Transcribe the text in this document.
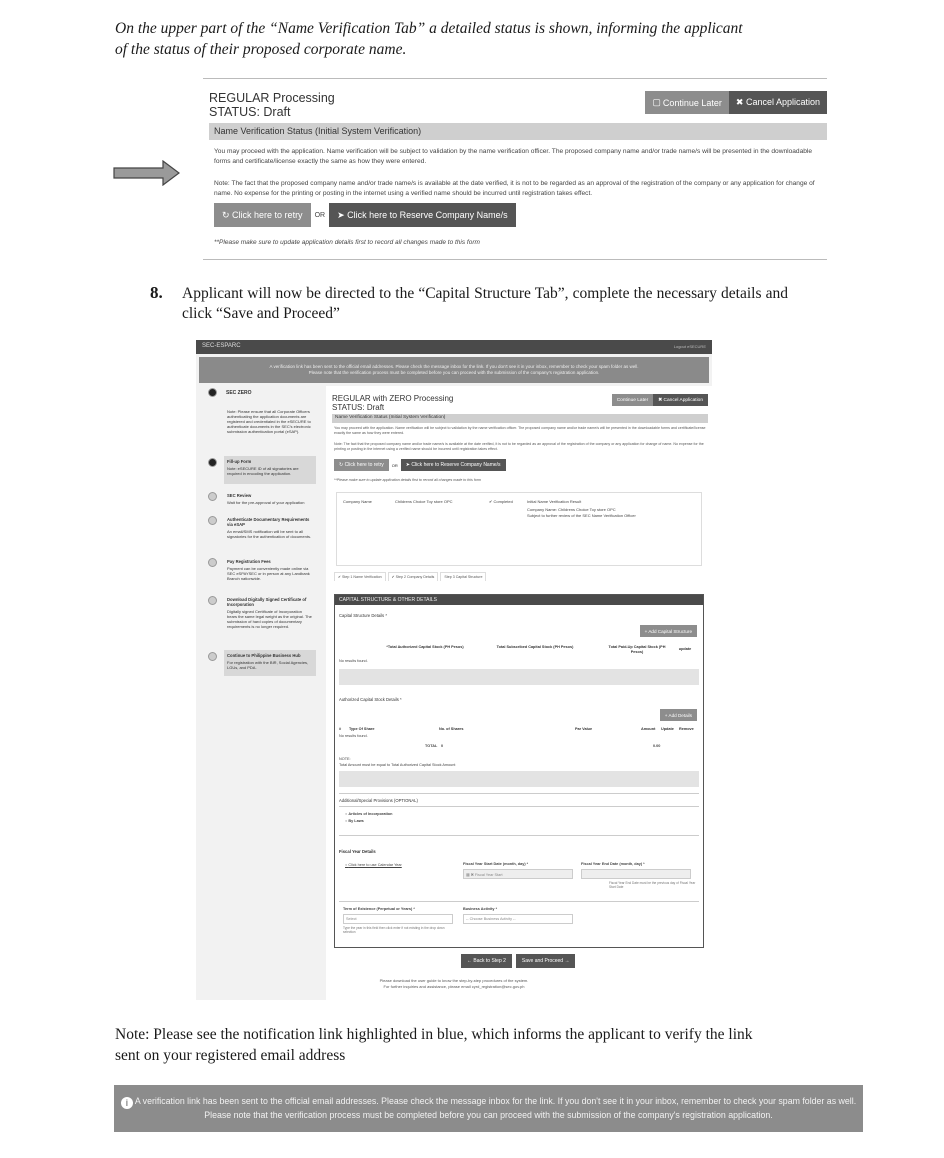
On the upper part of the “Name Verification Tab” a detailed status is shown, informing the applicant
of the status of their proposed corporate name.
REGULAR Processing
STATUS: Draft
▢ Continue Later	✖ Cancel Application
Name Verification Status (Initial System Verification)
You may proceed with the application. Name verification will be subject to validation by the name verification officer. The proposed company name and/or trade name/s will be presented in the downloadable forms and certificate/license exactly the same as how they were entered.
Note: The fact that the proposed company name and/or trade name/s is available at the date verified, it is not to be regarded as an approval of the registration of the company or any application for change of name. No expense for the printing or posting in the internet using a verified name should be incurred until registration takes effect.
↻ Click here to retry	OR	➤ Click here to Reserve Company Name/s
**Please make sure to update application details first to record all changes made to this form
8. Applicant will now be directed to the “Capital Structure Tab”, complete the necessary details and click “Save and Proceed”
SEC-ESPARC	Logout eSECURE
A verification link has been sent to the official email addresses. Please check the message inbox for the link. If you don't see it in your inbox, remember to check your spam folder as well.
Please note that the verification process must be completed before you can proceed with the submission of the company's registration application.
SEC ZERO
Note: Please ensure that all Corporate Officers authenticating the application documents are registered and credentialed in the eSECURE to authenticate documents in the SEC's electronic submission authentication portal (eSAP).
Fill-up Form
Note: eSECURE ID of all signatories are required in encoding the application.
SEC Review
Wait for the pre-approval of your application
Authenticate Documentary Requirements via eSAP
An email/SMS notification will be sent to all signatories for the authentication of documents.
Pay Registration Fees
Payment can be conveniently made online via SEC eSPAYSEC or in person at any Landbank Branch nationwide.
Download Digitally Signed Certificate of Incorporation
Digitally signed Certificate of Incorporation bears the same legal weight as the original. The submission of hard copies of documentary requirements is no longer required.
Continue to Philippine Business Hub
For registration with the BIR, Social Agencies, LGUs, and PDA.
REGULAR with ZERO Processing
STATUS: Draft
Continue Later	✖ Cancel Application
Name Verification Status (Initial System Verification)
You may proceed with the application. Name verification will be subject to validation by the name verification officer. The proposed company name and/or trade name/s will be presented in the downloadable forms and certificate/license exactly the same as how they were entered.
Note: The fact that the proposed company name and/or trade name/s is available at the date verified, it is not to be regarded as an approval of the registration of the company or any application for change of name. No expense for the printing or posting in the internet using a verified name should be incurred until registration takes effect.
↻ Click here to retry	OR	➤ Click here to Reserve Company Name/s
**Please make sure to update application details first to record all changes made to this form
Company Name	Childrens Choice Toy store OPC	✔ Completed	Initial Name Verification Result
Company Name: Childrens Choice Toy store OPC
Subject to further review of the SEC Name Verification Officer
✔ Step 1 Name Verification	✔ Step 2 Company Details	Step 3 Capital Structure
CAPITAL STRUCTURE & OTHER DETAILS
Capital Structure Details *
+ Add Capital Structure
*Total Authorized Capital Stock (PH Pesos)	Total Subscribed Capital Stock (PH Pesos)	Total Paid-Up Capital Stock (PH Pesos)
update
No results found.
Authorized Capital Stock Details *
+ Add Details
# Type Of Share	No. of Shares	Par Value	Amount Update Remove
No results found.
TOTAL 0	0.00
NOTE:
Total Amount must be equal to Total Authorized Capital Stock Amount
Additional/Special Provisions (OPTIONAL)
○ Articles of Incorporation
○ By Laws
Fiscal Year Details
○ Click here to use Calendar Year	Fiscal Year Start Date (month, day) *
▦ ✖ Fiscal Year Start
Fiscal Year End Date (month, day) *
Fiscal Year End Date must be the previous day of Fiscal Year Start Date
Term of Existence (Perpetual or Years) *
Select
Type the year in this field then click enter if not existing in the drop down selection
Business Activity *
-- Choose Business Activity --
← Back to Step 2	Save and Proceed →
Please download the user guide to know the step-by-step procedures of the system.
For further inquiries and assistance, please email cyrd_registration@sec.gov.ph
Note: Please see the notification link highlighted in blue, which informs the applicant to verify the link
sent on your registered email address
i A verification link has been sent to the official email addresses. Please check the message inbox for the link. If you don't see it in your inbox, remember to check your spam folder as well.
Please note that the verification process must be completed before you can proceed with the submission of the company's registration application.
